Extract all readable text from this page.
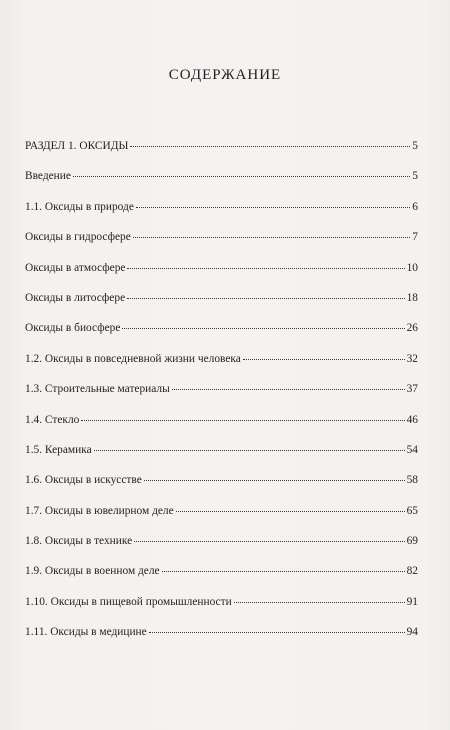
СОДЕРЖАНИЕ
РАЗДЕЛ 1. ОКСИДЫ	5
Введение	5
1.1. Оксиды в природе	6
Оксиды в гидросфере	7
Оксиды в атмосфере	10
Оксиды в литосфере	18
Оксиды в биосфере	26
1.2. Оксиды в повседневной жизни человека	32
1.3. Строительные материалы	37
1.4. Стекло	46
1.5. Керамика	54
1.6. Оксиды в искусстве	58
1.7. Оксиды в ювелирном деле	65
1.8. Оксиды в технике	69
1.9. Оксиды в военном деле	82
1.10. Оксиды в пищевой промышленности	91
1.11. Оксиды в медицине	94
